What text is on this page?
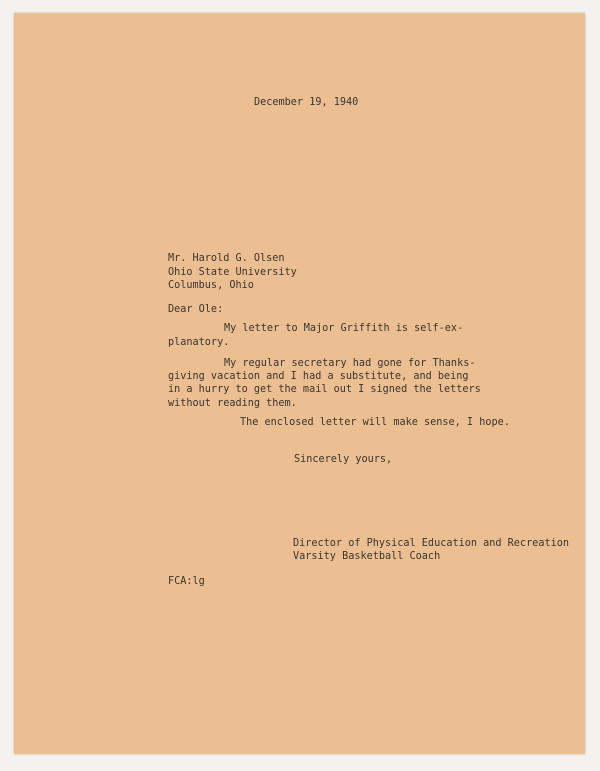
December 19, 1940
Mr. Harold G. Olsen
Ohio State University
Columbus, Ohio
Dear Ole:
My letter to Major Griffith is self-ex-
planatory.
My regular secretary had gone for Thanks-
giving vacation and I had a substitute, and being
in a hurry to get the mail out I signed the letters
without reading them.
The enclosed letter will make sense, I hope.
Sincerely yours,
Director of Physical Education and Recreation
Varsity Basketball Coach
FCA:lg
